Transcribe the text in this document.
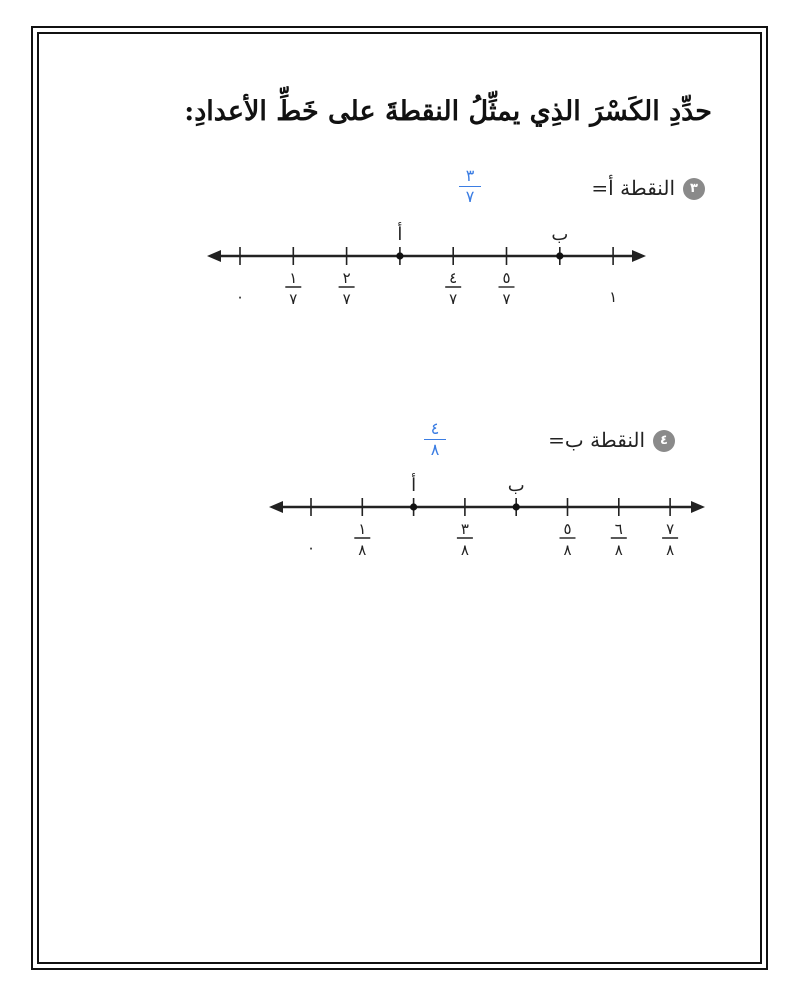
حدِّدِ الكَسْرَ الذِي يمثِّلُ النقطةَ على خَطِّ الأعدادِ:
٣
النقطة أ=
٣
٧
٤
النقطة ب=
٤
٨
٠
١
٧
٢
٧
٤
٧
٥
٧	١
أ	ب
٠
١
٨
٣
٨
٥
٨
٦
٨
٧
٨
أ	ب
